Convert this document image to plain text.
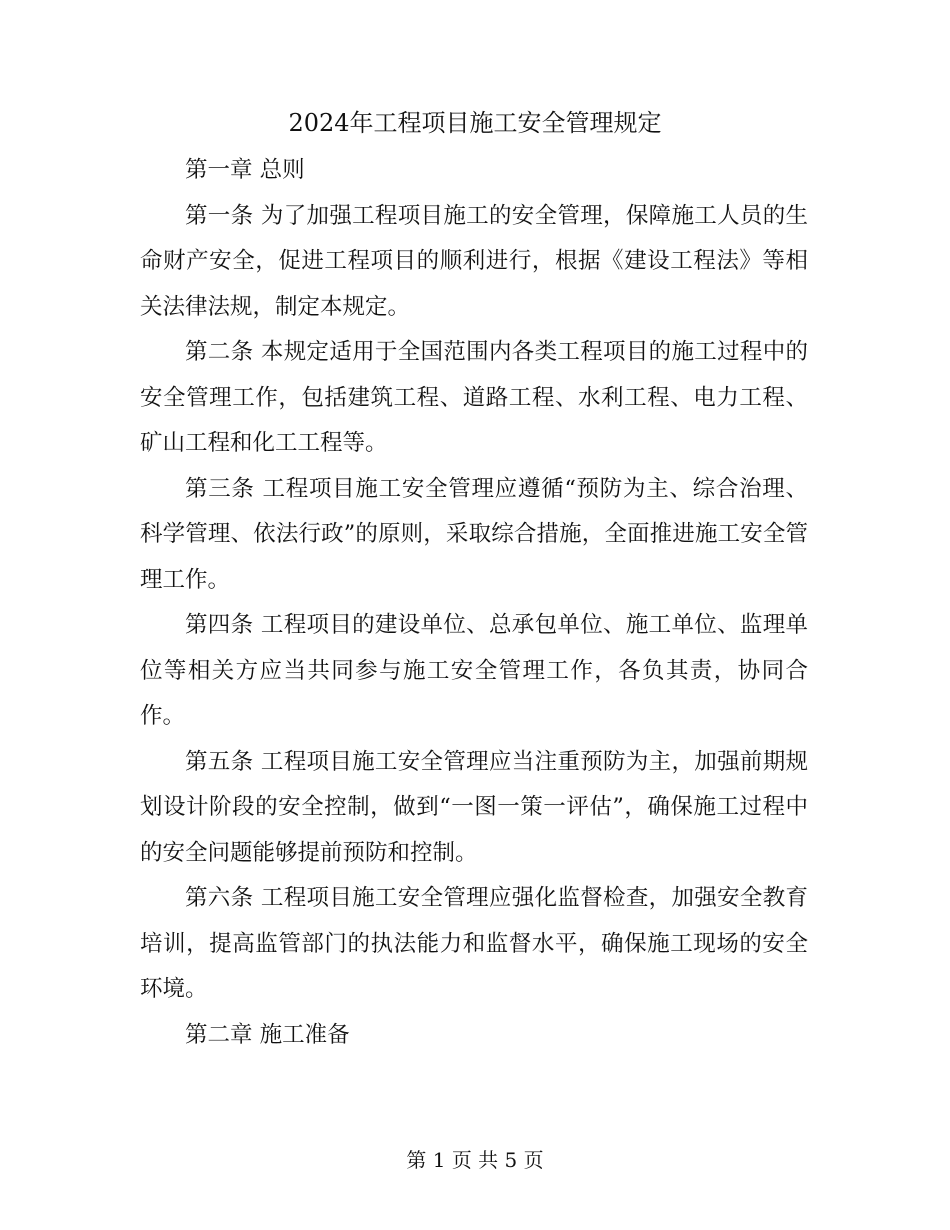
2024年工程项目施工安全管理规定

第一章 总则

第一条 为了加强工程项目施工的安全管理，保障施工人员的生命财产安全，促进工程项目的顺利进行，根据《建设工程法》等相关法律法规，制定本规定。

第二条 本规定适用于全国范围内各类工程项目的施工过程中的安全管理工作，包括建筑工程、道路工程、水利工程、电力工程、矿山工程和化工工程等。

第三条 工程项目施工安全管理应遵循“预防为主、综合治理、科学管理、依法行政”的原则，采取综合措施，全面推进施工安全管理工作。

第四条 工程项目的建设单位、总承包单位、施工单位、监理单位等相关方应当共同参与施工安全管理工作，各负其责，协同合作。

第五条 工程项目施工安全管理应当注重预防为主，加强前期规划设计阶段的安全控制，做到“一图一策一评估”，确保施工过程中的安全问题能够提前预防和控制。

第六条 工程项目施工安全管理应强化监督检查，加强安全教育培训，提高监管部门的执法能力和监督水平，确保施工现场的安全环境。

第二章 施工准备

第 1 页 共 5 页
